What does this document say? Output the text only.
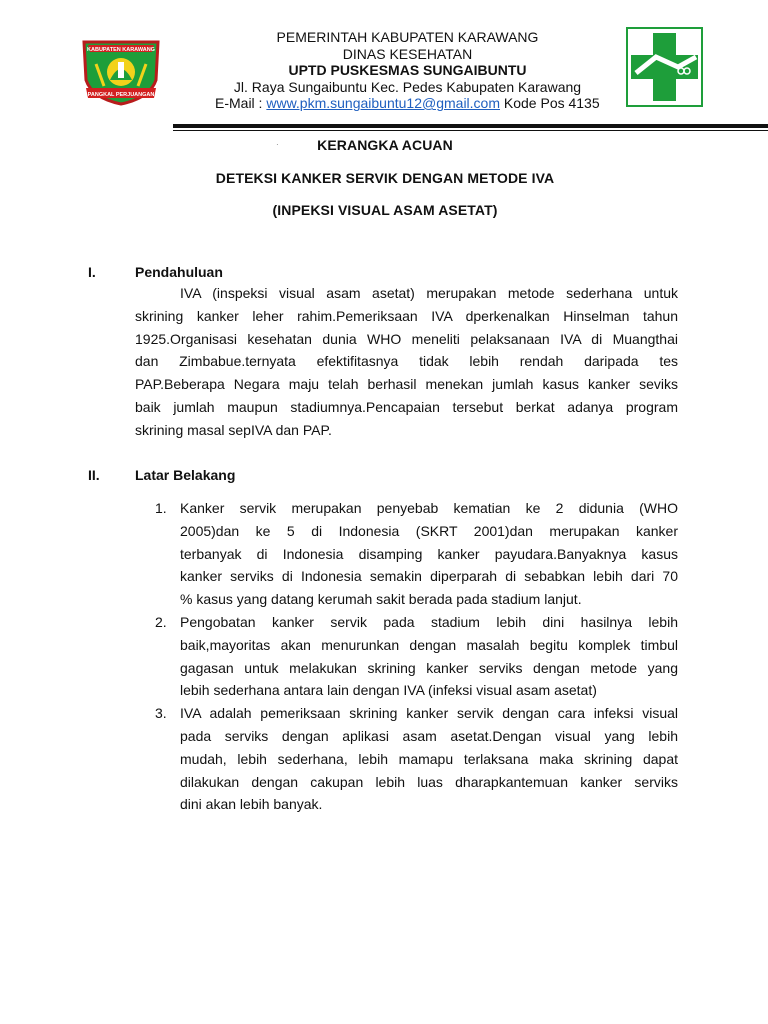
KABUPATEN KARAWANG
PANGKAL PERJUANGAN
PEMERINTAH KABUPATEN KARAWANG
DINAS KESEHATAN
UPTD PUSKESMAS SUNGAIBUNTU
Jl. Raya Sungaibuntu Kec. Pedes Kabupaten Karawang
E-Mail : www.pkm.sungaibuntu12@gmail.com Kode Pos 4135
·	KERANGKA ACUAN
DETEKSI KANKER SERVIK DENGAN METODE IVA
(INPEKSI VISUAL ASAM ASETAT)
I.	Pendahuluan
IVA (inspeksi visual asam asetat) merupakan metode sederhana untuk
skrining kanker leher rahim.Pemeriksaan IVA dperkenalkan Hinselman tahun
1925.Organisasi kesehatan dunia WHO meneliti pelaksanaan IVA di Muangthai
dan Zimbabue.ternyata efektifitasnya tidak lebih rendah daripada tes
PAP.Beberapa Negara maju telah berhasil menekan jumlah kasus kanker seviks
baik jumlah maupun stadiumnya.Pencapaian tersebut berkat adanya program
skrining masal sepIVA dan PAP.
II.	Latar Belakang
1. Kanker servik merupakan penyebab kematian ke 2 didunia (WHO
2005)dan ke 5 di Indonesia (SKRT 2001)dan merupakan kanker
terbanyak di Indonesia disamping kanker payudara.Banyaknya kasus
kanker serviks di Indonesia semakin diperparah di sebabkan lebih dari 70
% kasus yang datang kerumah sakit berada pada stadium lanjut.
2. Pengobatan kanker servik pada stadium lebih dini hasilnya lebih
baik,mayoritas akan menurunkan dengan masalah begitu komplek timbul
gagasan untuk melakukan skrining kanker serviks dengan metode yang
lebih sederhana antara lain dengan IVA (infeksi visual asam asetat)
3. IVA adalah pemeriksaan skrining kanker servik dengan cara infeksi visual
pada serviks dengan aplikasi asam asetat.Dengan visual yang lebih
mudah, lebih sederhana, lebih mamapu terlaksana maka skrining dapat
dilakukan dengan cakupan lebih luas dharapkantemuan kanker serviks
dini akan lebih banyak.
